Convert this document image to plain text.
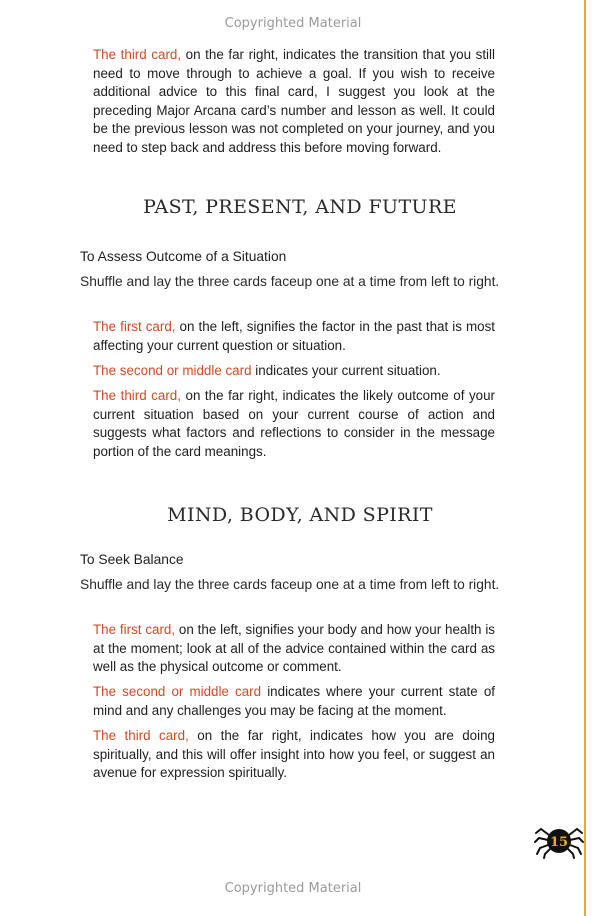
Copyrighted Material

The third card, on the far right, indicates the transition that you still need to move through to achieve a goal. If you wish to receive additional advice to this final card, I suggest you look at the preceding Major Arcana card’s number and lesson as well. It could be the previous lesson was not completed on your journey, and you need to step back and address this before moving forward.

PAST, PRESENT, AND FUTURE
To Assess Outcome of a Situation

Shuffle and lay the three cards faceup one at a time from left to right.

The first card, on the left, signifies the factor in the past that is most affecting your current question or situation.

The second or middle card indicates your current situation.

The third card, on the far right, indicates the likely outcome of your current situation based on your current course of action and suggests what factors and reflections to consider in the message portion of the card meanings.

MIND, BODY, AND SPIRIT
To Seek Balance

Shuffle and lay the three cards faceup one at a time from left to right.

The first card, on the left, signifies your body and how your health is at the moment; look at all of the advice contained within the card as well as the physical outcome or comment.

The second or middle card indicates where your current state of mind and any challenges you may be facing at the moment.

The third card, on the far right, indicates how you are doing spiritually, and this will offer insight into how you feel, or suggest an avenue for expression spiritually.

15
Copyrighted Material
